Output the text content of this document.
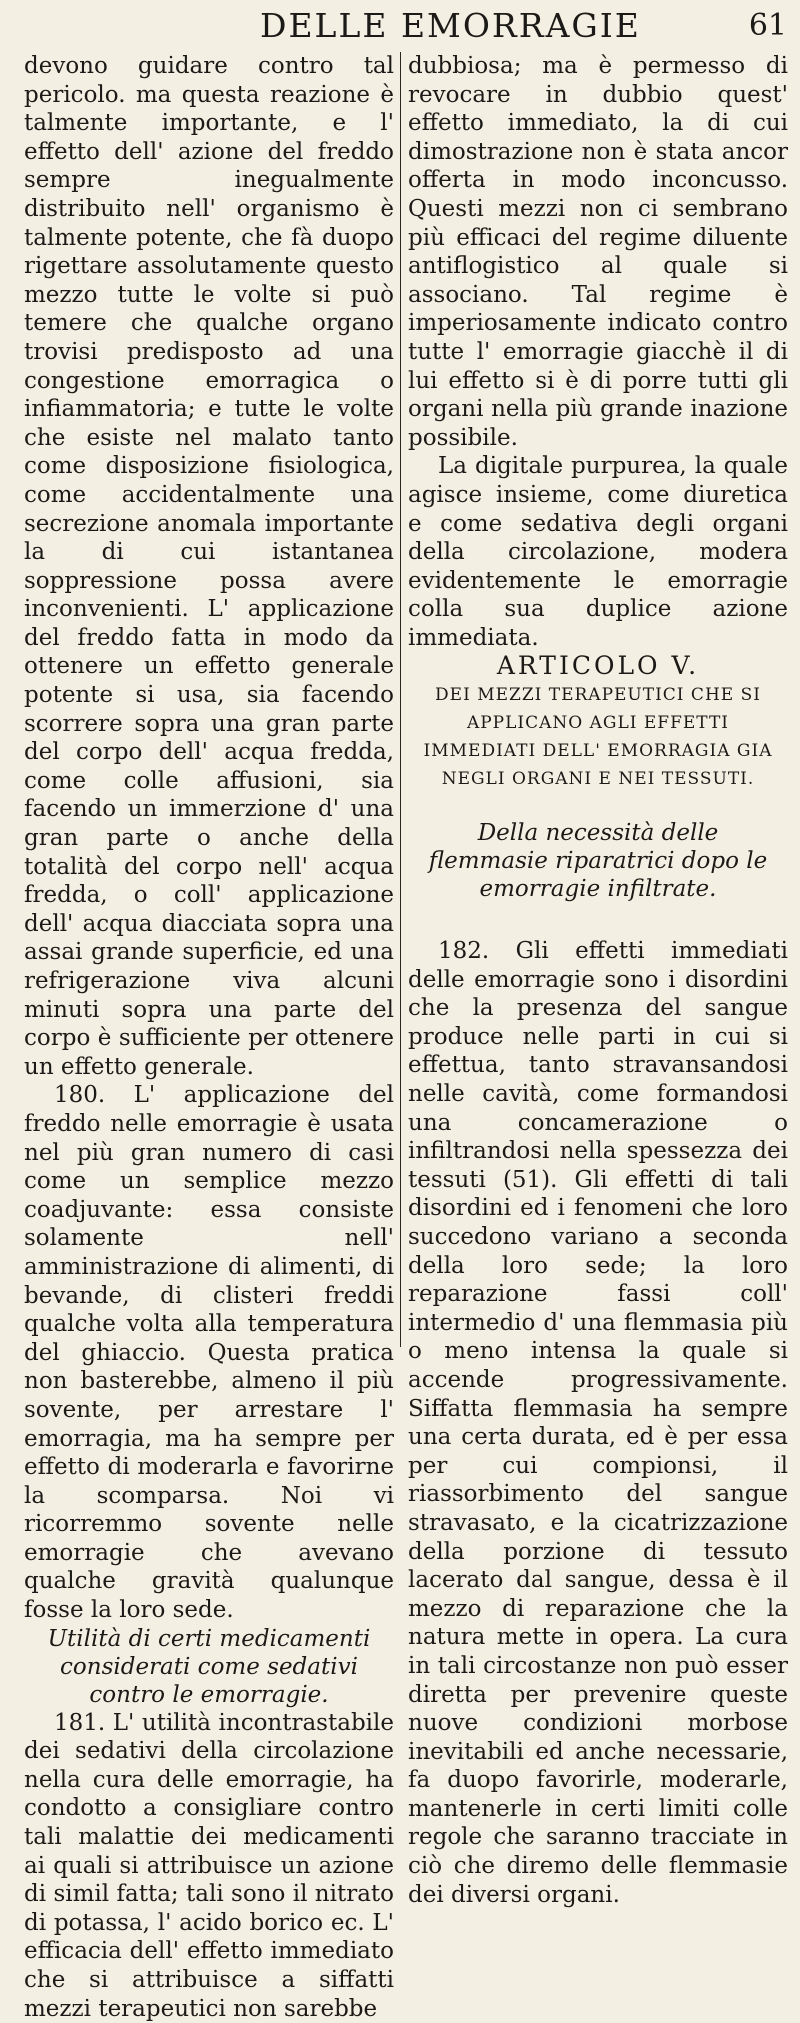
DELLE EMORRAGIE	61

devono guidare contro tal pericolo. ma questa reazione è talmente importante, e l' effetto dell' azione del freddo sempre inegualmente distribuito nell' organismo è talmente potente, che fà duopo rigettare assolutamente questo mezzo tutte le volte si può temere che qualche organo trovisi predisposto ad una congestione emorragica o infiammatoria; e tutte le volte che esiste nel malato tanto come disposizione fisiologica, come accidentalmente una secrezione anomala importante la di cui istantanea soppressione possa avere inconvenienti. L' applicazione del freddo fatta in modo da ottenere un effetto generale potente si usa, sia facendo scorrere sopra una gran parte del corpo dell' acqua fredda, come colle affusioni, sia facendo un immerzione d' una gran parte o anche della totalità del corpo nell' acqua fredda, o coll' applicazione dell' acqua diacciata sopra una assai grande superficie, ed una refrigerazione viva alcuni minuti sopra una parte del corpo è sufficiente per ottenere un effetto generale.

180. L' applicazione del freddo nelle emorragie è usata nel più gran numero di casi come un semplice mezzo coadjuvante: essa consiste solamente nell' amministrazione di alimenti, di bevande, di clisteri freddi qualche volta alla temperatura del ghiaccio. Questa pratica non basterebbe, almeno il più sovente, per arrestare l' emorragia, ma ha sempre per effetto di moderarla e favorirne la scomparsa. Noi vi ricorremmo sovente nelle emorragie che avevano qualche gravità qualunque fosse la loro sede.

Utilità di certi medicamenti considerati come sedativi contro le emorragie.

181. L' utilità incontrastabile dei sedativi della circolazione nella cura delle emorragie, ha condotto a consigliare contro tali malattie dei medicamenti ai quali si attribuisce un azione di simil fatta; tali sono il nitrato di potassa, l' acido borico ec. L' efficacia dell' effetto immediato che si attribuisce a siffatti mezzi terapeutici non sarebbe

dubbiosa; ma è permesso di revocare in dubbio quest' effetto immediato, la di cui dimostrazione non è stata ancor offerta in modo inconcusso. Questi mezzi non ci sembrano più efficaci del regime diluente antiflogistico al quale si associano. Tal regime è imperiosamente indicato contro tutte l' emorragie giacchè il di lui effetto si è di porre tutti gli organi nella più grande inazione possibile.

La digitale purpurea, la quale agisce insieme, come diuretica e come sedativa degli organi della circolazione, modera evidentemente le emorragie colla sua duplice azione immediata.

ARTICOLO V.

DEI MEZZI TERAPEUTICI CHE SI APPLICANO AGLI EFFETTI IMMEDIATI DELL' EMORRAGIA GIA NEGLI ORGANI E NEI TESSUTI.

Della necessità delle flemmasie riparatrici dopo le emorragie infiltrate.

182. Gli effetti immediati delle emorragie sono i disordini che la presenza del sangue produce nelle parti in cui si effettua, tanto stravansandosi nelle cavità, come formandosi una concamerazione o infiltrandosi nella spessezza dei tessuti (51). Gli effetti di tali disordini ed i fenomeni che loro succedono variano a seconda della loro sede; la loro reparazione fassi coll' intermedio d' una flemmasia più o meno intensa la quale si accende progressivamente. Siffatta flemmasia ha sempre una certa durata, ed è per essa per cui compionsi, il riassorbimento del sangue stravasato, e la cicatrizzazione della porzione di tessuto lacerato dal sangue, dessa è il mezzo di reparazione che la natura mette in opera. La cura in tali circostanze non può esser diretta per prevenire queste nuove condizioni morbose inevitabili ed anche necessarie, fa duopo favorirle, moderarle, mantenerle in certi limiti colle regole che saranno tracciate in ciò che diremo delle flemmasie dei diversi organi.
